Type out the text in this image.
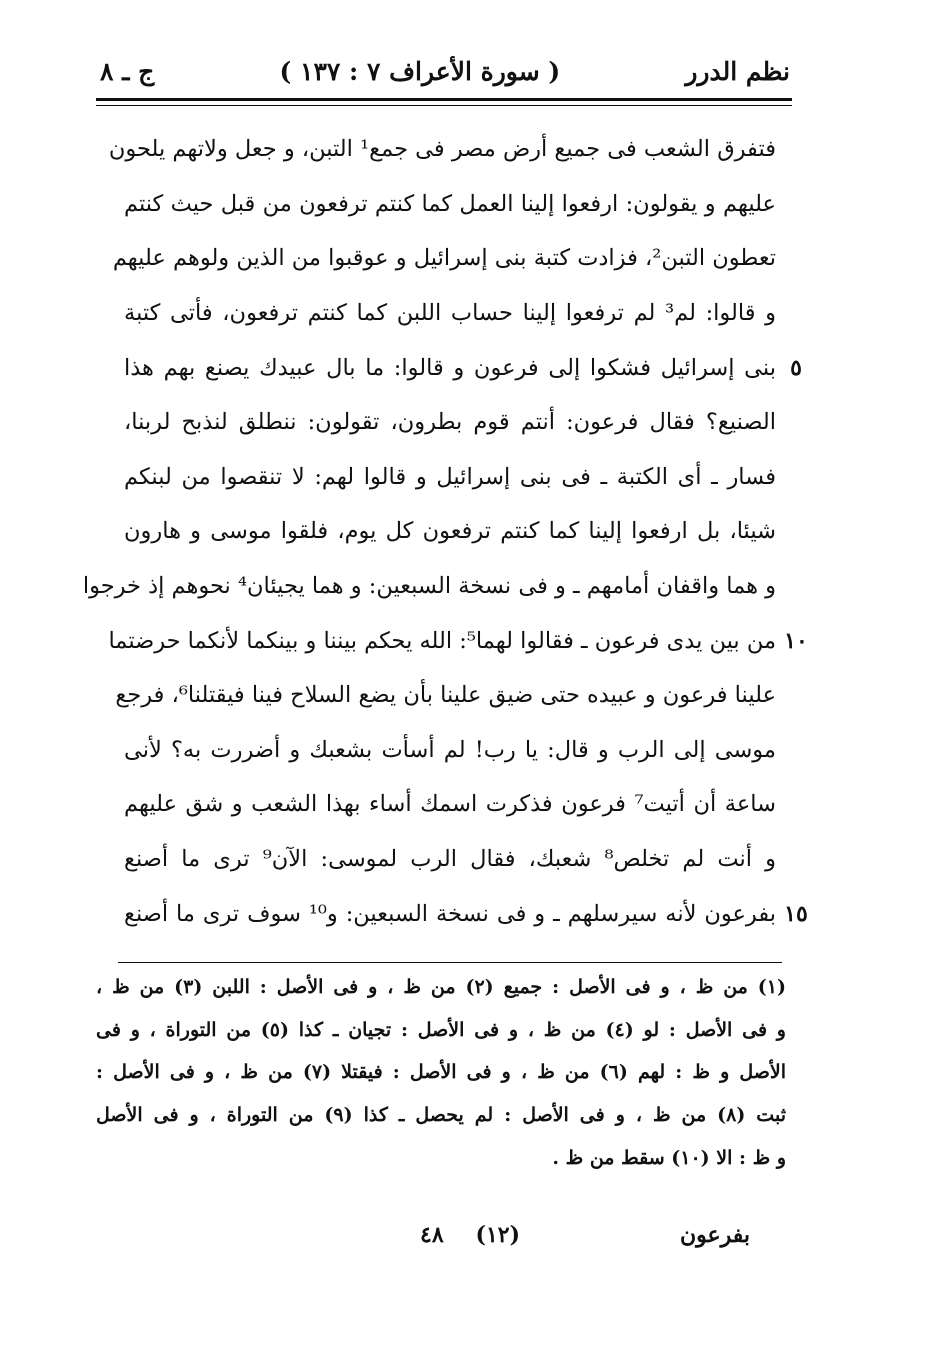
نظم الدرر
( سورة الأعراف ٧ : ١٣٧ )
ج ـ ٨
فتفرق الشعب فى جميع أرض مصر فى جمع¹ التبن، و جعل ولاتهم يلحون
عليهم و يقولون: ارفعوا إلينا العمل كما كنتم ترفعون من قبل حيث كنتم
تعطون التبن²، فزادت كتبة بنى إسرائيل و عوقبوا من الذين ولوهم عليهم
و قالوا: لم³ لم ترفعوا إلينا حساب اللبن كما كنتم ترفعون، فأتى كتبة
٥
بنى إسرائيل فشكوا إلى فرعون و قالوا: ما بال عبيدك يصنع بهم هذا
الصنيع؟ فقال فرعون: أنتم قوم بطرون، تقولون: ننطلق لنذبح لربنا،
فسار ـ أى الكتبة ـ فى بنى إسرائيل و قالوا لهم: لا تنقصوا من لبنكم
شيئا، بل ارفعوا إلينا كما كنتم ترفعون كل يوم، فلقوا موسى و هارون
و هما واقفان أمامهم ـ و فى نسخة السبعين: و هما يجيئان⁴ نحوهم إذ خرجوا
١٠
من بين يدى فرعون ـ فقالوا لهما⁵: الله يحكم بيننا و بينكما لأنكما حرضتما
علينا فرعون و عبيده حتى ضيق علينا بأن يضع السلاح فينا فيقتلنا⁶، فرجع
موسى إلى الرب و قال: يا رب! لم أسأت بشعبك و أضررت به؟ لأنى
ساعة أن أتيت⁷ فرعون فذكرت اسمك أساء بهذا الشعب و شق عليهم
و أنت لم تخلص⁸ شعبك، فقال الرب لموسى: الآن⁹ ترى ما أصنع
١٥
بفرعون لأنه سيرسلهم ـ و فى نسخة السبعين: و¹⁰ سوف ترى ما أصنع
(١) من ظ ، و فى الأصل : جميع (٢) من ظ ، و فى الأصل : اللبن (٣) من ظ ،
و فى الأصل : لو (٤) من ظ ، و فى الأصل : تجيان ـ كذا (٥) من التوراة ، و فى
الأصل و ظ : لهم (٦) من ظ ، و فى الأصل : فيقتلا (٧) من ظ ، و فى الأصل :
ثبت (٨) من ظ ، و فى الأصل : لم يحصل ـ كذا (٩) من التوراة ، و فى الأصل
و ظ : الا (١٠) سقط من ظ .
بفرعون
(١٢)
٤٨
